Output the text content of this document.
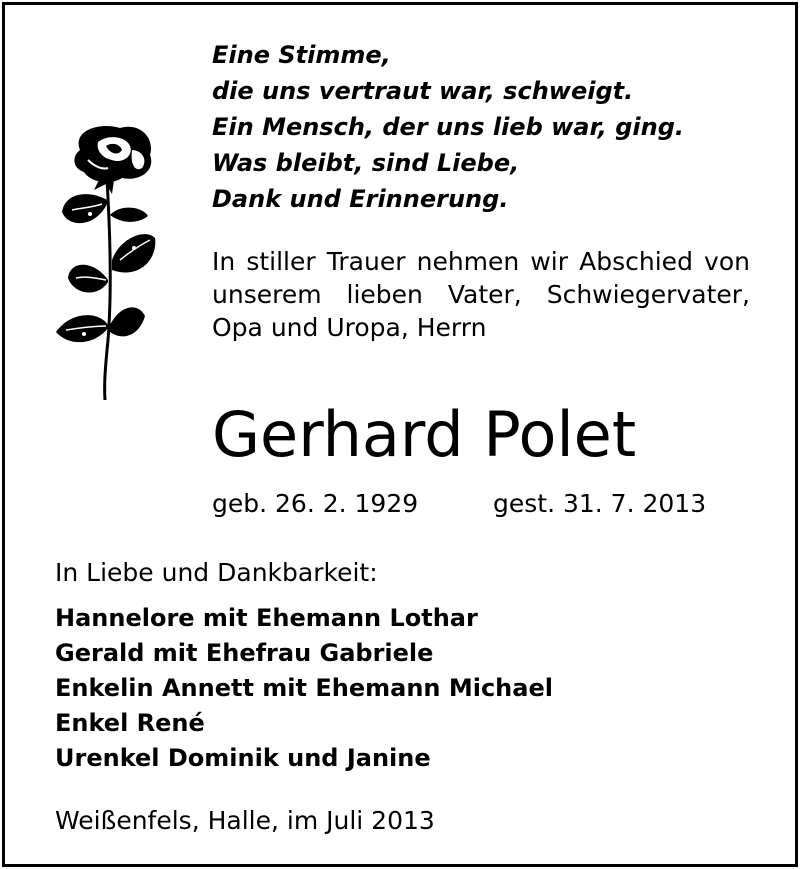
Eine Stimme,
die uns vertraut war, schweigt.
Ein Mensch, der uns lieb war, ging.
Was bleibt, sind Liebe,
Dank und Erinnerung.
In stiller Trauer nehmen wir Abschied von unserem lieben Vater, Schwiegervater, Opa und Uropa, Herrn
Gerhard Polet
geb. 26. 2. 1929	gest. 31. 7. 2013
In Liebe und Dankbarkeit:
Hannelore mit Ehemann Lothar
Gerald mit Ehefrau Gabriele
Enkelin Annett mit Ehemann Michael
Enkel René
Urenkel Dominik und Janine
Weißenfels, Halle, im Juli 2013
